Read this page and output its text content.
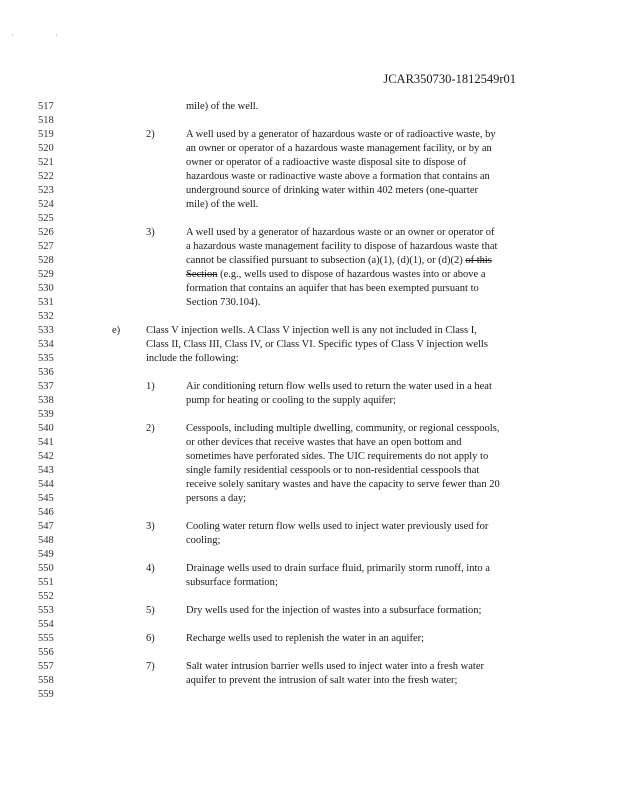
' '
JCAR350730-1812549r01
517
518
519
520
521
522
523
524
525
526
527
528
529
530
531
532
533
534
535
536
537
538
539
540
541
542
543
544
545
546
547
548
549
550
551
552
553
554
555
556
557
558
559
mile) of the well.
2)	A well used by a generator of hazardous waste or of radioactive waste, by
an owner or operator of a hazardous waste management facility, or by an
owner or operator of a radioactive waste disposal site to dispose of
hazardous waste or radioactive waste above a formation that contains an
underground source of drinking water within 402 meters (one-quarter
mile) of the well.
3)	A well used by a generator of hazardous waste or an owner or operator of
a hazardous waste management facility to dispose of hazardous waste that
cannot be classified pursuant to subsection (a)(1), (d)(1), or (d)(2) of this
Section (e.g., wells used to dispose of hazardous wastes into or above a
formation that contains an aquifer that has been exempted pursuant to
Section 730.104).
e) Class V injection wells. A Class V injection well is any not included in Class I,
Class II, Class III, Class IV, or Class VI. Specific types of Class V injection wells
include the following:
1)	Air conditioning return flow wells used to return the water used in a heat
pump for heating or cooling to the supply aquifer;
2)	Cesspools, including multiple dwelling, community, or regional cesspools,
or other devices that receive wastes that have an open bottom and
sometimes have perforated sides. The UIC requirements do not apply to
single family residential cesspools or to non-residential cesspools that
receive solely sanitary wastes and have the capacity to serve fewer than 20
persons a day;
3)	Cooling water return flow wells used to inject water previously used for
cooling;
4)	Drainage wells used to drain surface fluid, primarily storm runoff, into a
subsurface formation;
5)	Dry wells used for the injection of wastes into a subsurface formation;
6)	Recharge wells used to replenish the water in an aquifer;
7)	Salt water intrusion barrier wells used to inject water into a fresh water
aquifer to prevent the intrusion of salt water into the fresh water;
